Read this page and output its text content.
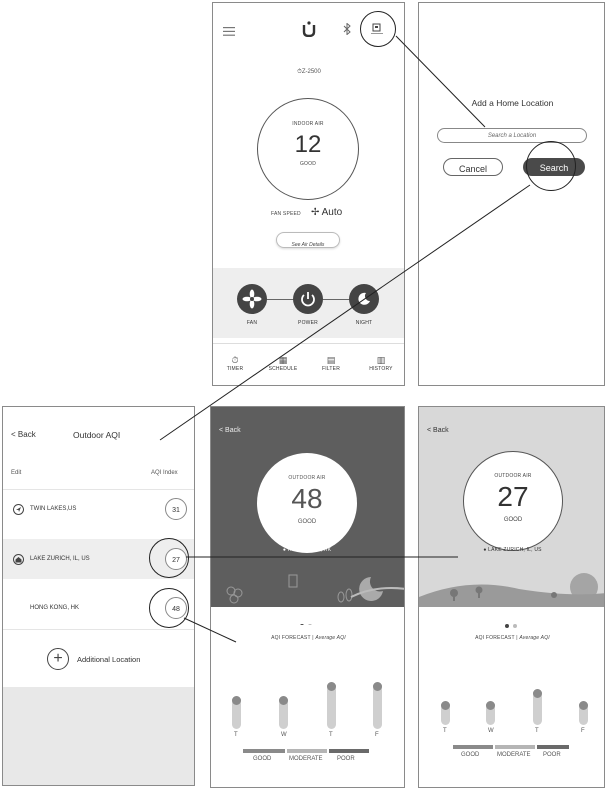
⏱Z-2500
INDOOR AIR
12
GOOD
FAN SPEED ✢ Auto
See Air Details
FAN	POWER	NIGHT
⏱
TIMER
▦
SCHEDULE
▤
FILTER
▥
HISTORY
Add a Home Location
Search a Location
Cancel	Search
< Back	Outdoor AQI
Edit	AQI Index
TWIN LAKES,US	31
LAKE ZURICH, IL, US	27
HONG KONG, HK	48
+	Additional Location
< Back
OUTDOOR AIR
48
GOOD
● HONG KONG, HK

AQI FORECAST | Average AQI
GOOD	MODERATE POOR
T	W	T	F
< Back
OUTDOOR AIR
27
GOOD
● LAKE ZURICH, IL, US

AQI FORECAST | Average AQI
GOOD	MODERATE POOR
T	W	T	F
